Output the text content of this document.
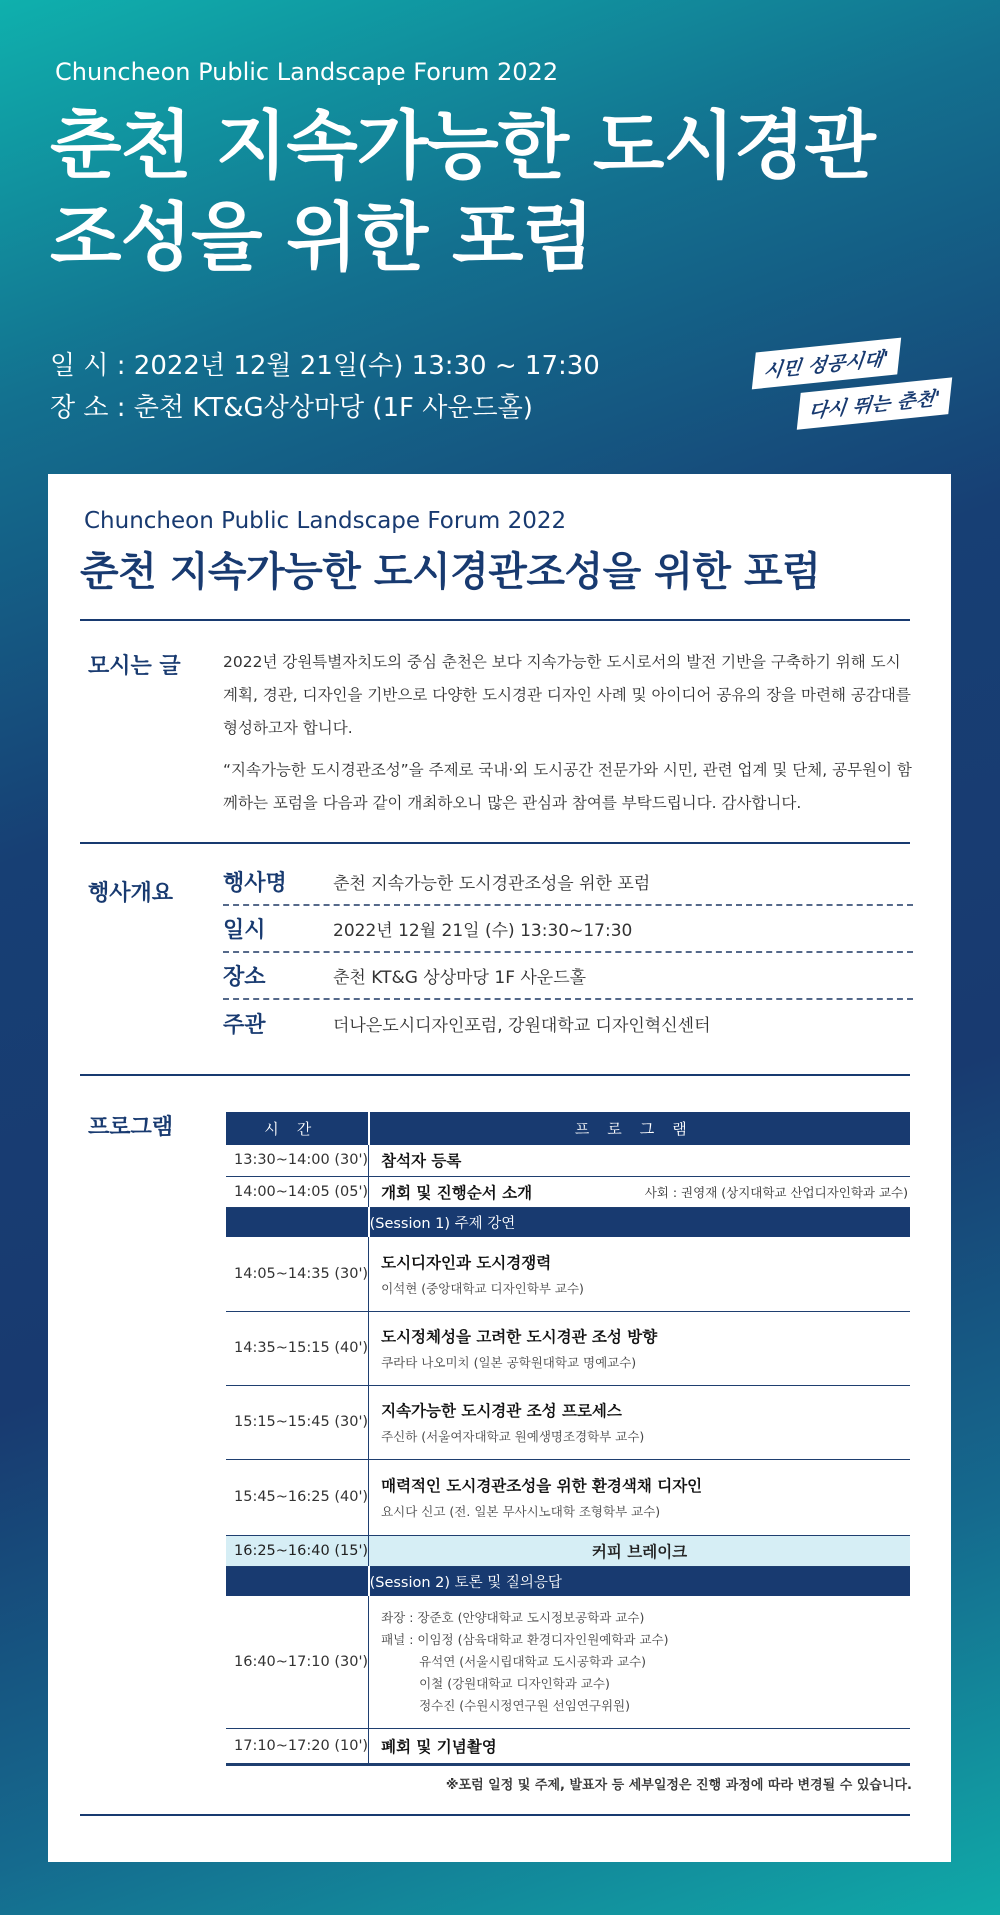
Chuncheon Public Landscape Forum 2022
춘천 지속가능한 도시경관
조성을 위한 포럼
일 시 : 2022년 12월 21일(수) 13:30 ~ 17:30
장 소 : 춘천 KT&G상상마당 (1F 사운드홀)
시민 성공시대'
다시 뛰는 춘천'
Chuncheon Public Landscape Forum 2022
춘천 지속가능한 도시경관조성을 위한 포럼
모시는 글	2022년 강원특별자치도의 중심 춘천은 보다 지속가능한 도시로서의 발전 기반을 구축하기 위해 도시계획, 경관, 디자인을 기반으로 다양한 도시경관 디자인 사례 및 아이디어 공유의 장을 마련해 공감대를 형성하고자 합니다.
“지속가능한 도시경관조성”을 주제로 국내·외 도시공간 전문가와 시민, 관련 업계 및 단체, 공무원이 함께하는 포럼을 다음과 같이 개최하오니 많은 관심과 참여를 부탁드립니다. 감사합니다.
행사개요 행사명	춘천 지속가능한 도시경관조성을 위한 포럼
일시	2022년 12월 21일 (수) 13:30~17:30
장소	춘천 KT&G 상상마당 1F 사운드홀
주관	더나은도시디자인포럼, 강원대학교 디자인혁신센터
프로그램	시간	프로그램
13:30~14:00 (30')	참석자 등록
14:00~14:05 (05')	개회 및 진행순서 소개 사회 : 권영재 (상지대학교 산업디자인학과 교수)

	(Session 1) 주제 강연
14:05~14:35 (30')	도시디자인과 도시경쟁력
이석현 (중앙대학교 디자인학부 교수)

14:35~15:15 (40')	도시정체성을 고려한 도시경관 조성 방향
쿠라타 나오미치 (일본 공학원대학교 명예교수)

15:15~15:45 (30')	지속가능한 도시경관 조성 프로세스
주신하 (서울여자대학교 원예생명조경학부 교수)

15:45~16:25 (40')	매력적인 도시경관조성을 위한 환경색채 디자인
요시다 신고 (전. 일본 무사시노대학 조형학부 교수)

16:25~16:40 (15')	커피 브레이크
	(Session 2) 토론 및 질의응답
16:40~17:10 (30')	좌장 : 장준호 (안양대학교 도시정보공학과 교수)
패널 : 이임정 (삼육대학교 환경디자인원예학과 교수)
유석연 (서울시립대학교 도시공학과 교수)
이철 (강원대학교 디자인학과 교수)
정수진 (수원시정연구원 선임연구위원)

17:10~17:20 (10')	폐회 및 기념촬영
※포럼 일정 및 주제, 발표자 등 세부일정은 진행 과정에 따라 변경될 수 있습니다.
